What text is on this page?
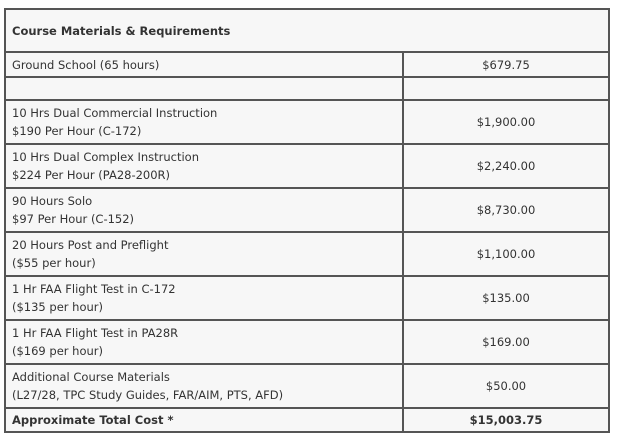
Course Materials & Requirements
Ground School (65 hours)	$679.75
10 Hrs Dual Commercial Instruction
$190 Per Hour (C-172)
$1,900.00
10 Hrs Dual Complex Instruction
$224 Per Hour (PA28-200R)
$2,240.00
90 Hours Solo
$97 Per Hour (C-152)
$8,730.00
20 Hours Post and Preflight
($55 per hour)
$1,100.00
1 Hr FAA Flight Test in C-172
($135 per hour)
$135.00
1 Hr FAA Flight Test in PA28R
($169 per hour)
$169.00
Additional Course Materials
(L27/28, TPC Study Guides, FAR/AIM, PTS, AFD)
$50.00
Approximate Total Cost *	$15,003.75
